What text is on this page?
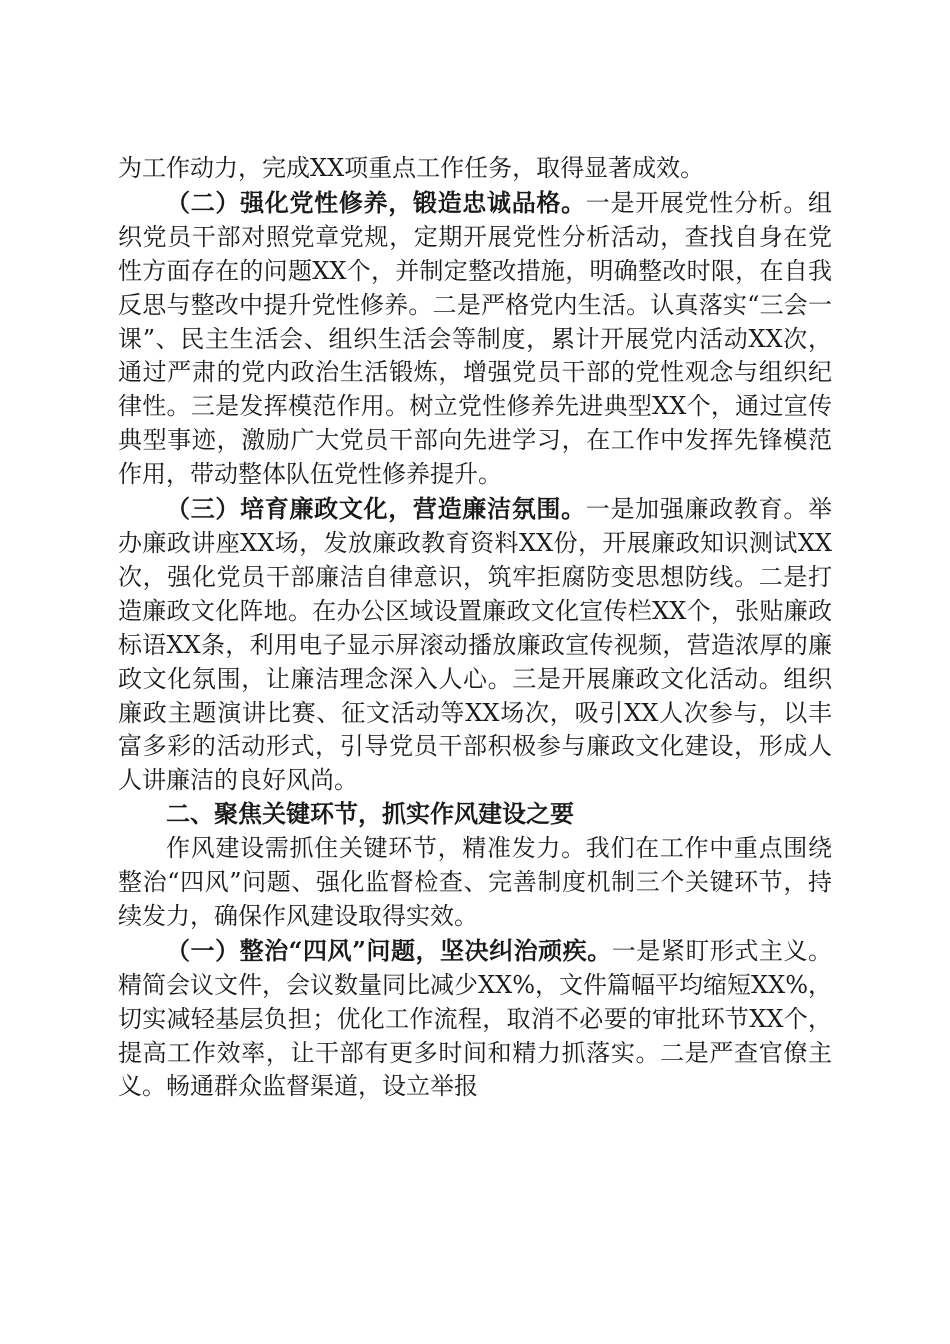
为工作动力，完成XX项重点工作任务，取得显著成效。

（二）强化党性修养，锻造忠诚品格。一是开展党性分析。组织党员干部对照党章党规，定期开展党性分析活动，查找自身在党性方面存在的问题XX个，并制定整改措施，明确整改时限，在自我反思与整改中提升党性修养。二是严格党内生活。认真落实“三会一课”、民主生活会、组织生活会等制度，累计开展党内活动XX次，通过严肃的党内政治生活锻炼，增强党员干部的党性观念与组织纪律性。三是发挥模范作用。树立党性修养先进典型XX个，通过宣传典型事迹，激励广大党员干部向先进学习，在工作中发挥先锋模范作用，带动整体队伍党性修养提升。

（三）培育廉政文化，营造廉洁氛围。一是加强廉政教育。举办廉政讲座XX场，发放廉政教育资料XX份，开展廉政知识测试XX次，强化党员干部廉洁自律意识，筑牢拒腐防变思想防线。二是打造廉政文化阵地。在办公区域设置廉政文化宣传栏XX个，张贴廉政标语XX条，利用电子显示屏滚动播放廉政宣传视频，营造浓厚的廉政文化氛围，让廉洁理念深入人心。三是开展廉政文化活动。组织廉政主题演讲比赛、征文活动等XX场次，吸引XX人次参与，以丰富多彩的活动形式，引导党员干部积极参与廉政文化建设，形成人人讲廉洁的良好风尚。

二、聚焦关键环节，抓实作风建设之要

作风建设需抓住关键环节，精准发力。我们在工作中重点围绕整治“四风”问题、强化监督检查、完善制度机制三个关键环节，持续发力，确保作风建设取得实效。

（一）整治“四风”问题，坚决纠治顽疾。一是紧盯形式主义。精简会议文件，会议数量同比减少XX%，文件篇幅平均缩短XX%，切实减轻基层负担；优化工作流程，取消不必要的审批环节XX个，提高工作效率，让干部有更多时间和精力抓落实。二是严查官僚主义。畅通群众监督渠道，设立举报
